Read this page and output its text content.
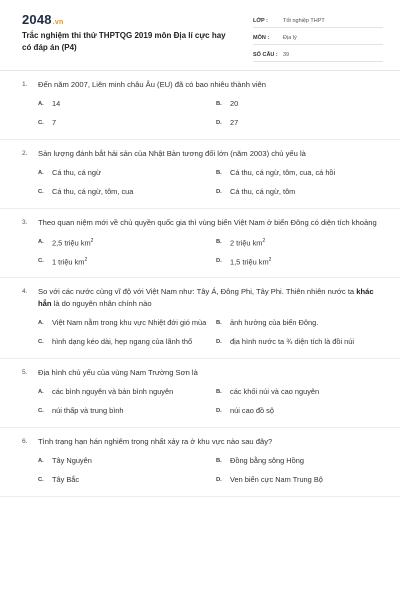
2048.vn
Trắc nghiệm thi thử THPTQG 2019 môn Địa lí cực hay có đáp án (P4)
LỚP :	Tốt nghiệp THPT
MÔN :	Địa lý
SỐ CÂU : 39
1.	Đến năm 2007, Liên minh châu Âu (EU) đã có bao nhiêu thành viên
A.	14	B.	20
C.	7	D.	27
2.	Sản lượng đánh bắt hải sản của Nhật Bản tương đối lớn (năm 2003) chủ yếu là
A.	Cá thu, cá ngừ	B.	Cá thu, cá ngừ, tôm, cua, cá hồi
C.	Cá thu, cá ngừ, tôm, cua	D.	Cá thu, cá ngừ, tôm
3.	Theo quan niệm mới về chủ quyền quốc gia thì vùng biển Việt Nam ở biển Đông có diện tích khoảng
A.	2,5 triệu $km^2$	B.	2 triệu $km^2$
C.	1 triệu $km^2$	D.	1,5 triệu $km^2$
4.	So với các nước cùng vĩ độ với Việt Nam như: Tây Á, Đông Phi, Tây Phi. Thiên nhiên nước ta khác hẳn là do nguyên nhân chính nào
A.	Việt Nam nằm trong khu vực Nhiệt đới gió mùa B.	ảnh hưởng của biển Đông.
C.	hình dạng kéo dài, hẹp ngang của lãnh thổ	D.	địa hình nước ta ¾ diện tích là đồi núi
5.	Địa hình chủ yếu của vùng Nam Trường Sơn là
A.	các bình nguyên và bán bình nguyên	B.	các khối núi và cao nguyên
C.	núi thấp và trung bình	D.	núi cao đồ sộ
6.	Tình trạng hạn hán nghiêm trọng nhất xảy ra ở khu vực nào sau đây?
A.	Tây Nguyên	B.	Đồng bằng sông Hồng
C.	Tây Bắc	D.	Ven biển cực Nam Trung Bộ
